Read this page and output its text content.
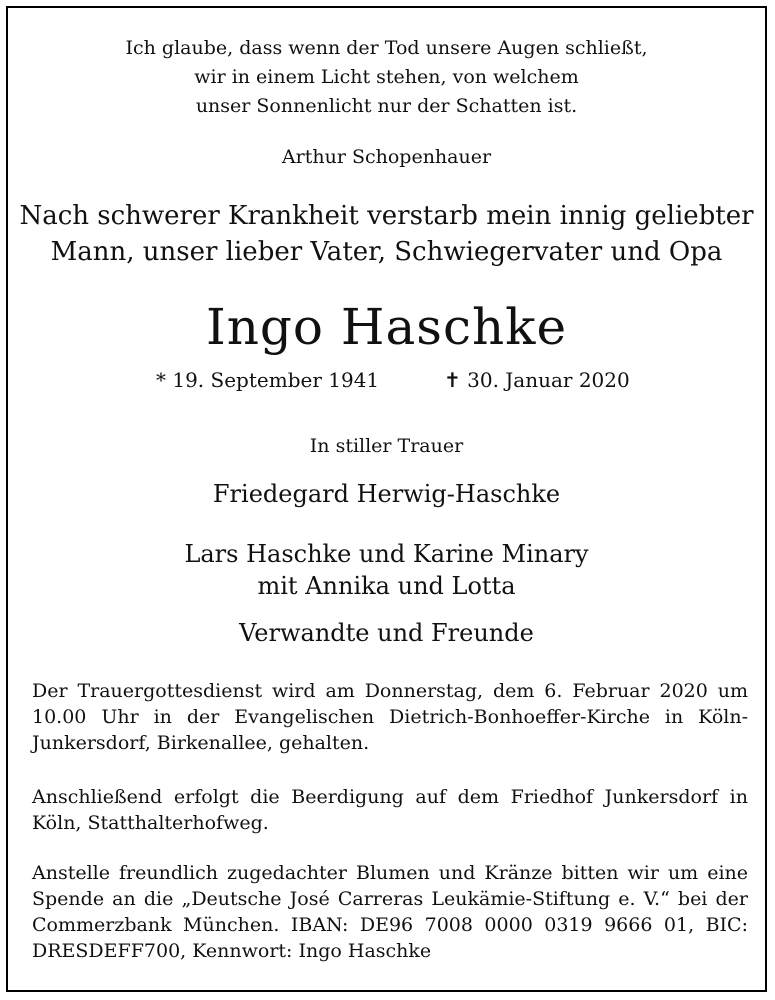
Ich glaube, dass wenn der Tod unsere Augen schließt,
wir in einem Licht stehen, von welchem
unser Sonnenlicht nur der Schatten ist.
Arthur Schopenhauer
Nach schwerer Krankheit verstarb mein innig geliebter
Mann, unser lieber Vater, Schwiegervater und Opa
Ingo Haschke
* 19. September 1941	✝ 30. Januar 2020
In stiller Trauer
Friedegard Herwig-Haschke
Lars Haschke und Karine Minary
mit Annika und Lotta
Verwandte und Freunde
Der Trauergottesdienst wird am Donnerstag, dem 6. Februar 2020 um 10.00 Uhr in der Evangelischen Dietrich-Bonhoeffer-Kirche in Köln-Junkersdorf, Birkenallee, gehalten.
Anschließend erfolgt die Beerdigung auf dem Friedhof Junkersdorf in Köln, Statthalterhofweg.
Anstelle freundlich zugedachter Blumen und Kränze bitten wir um eine Spende an die „Deutsche José Carreras Leukämie-Stiftung e. V.“ bei der Commerzbank München. IBAN: DE96 7008 0000 0319 9666 01, BIC: DRESDEFF700, Kennwort: Ingo Haschke
